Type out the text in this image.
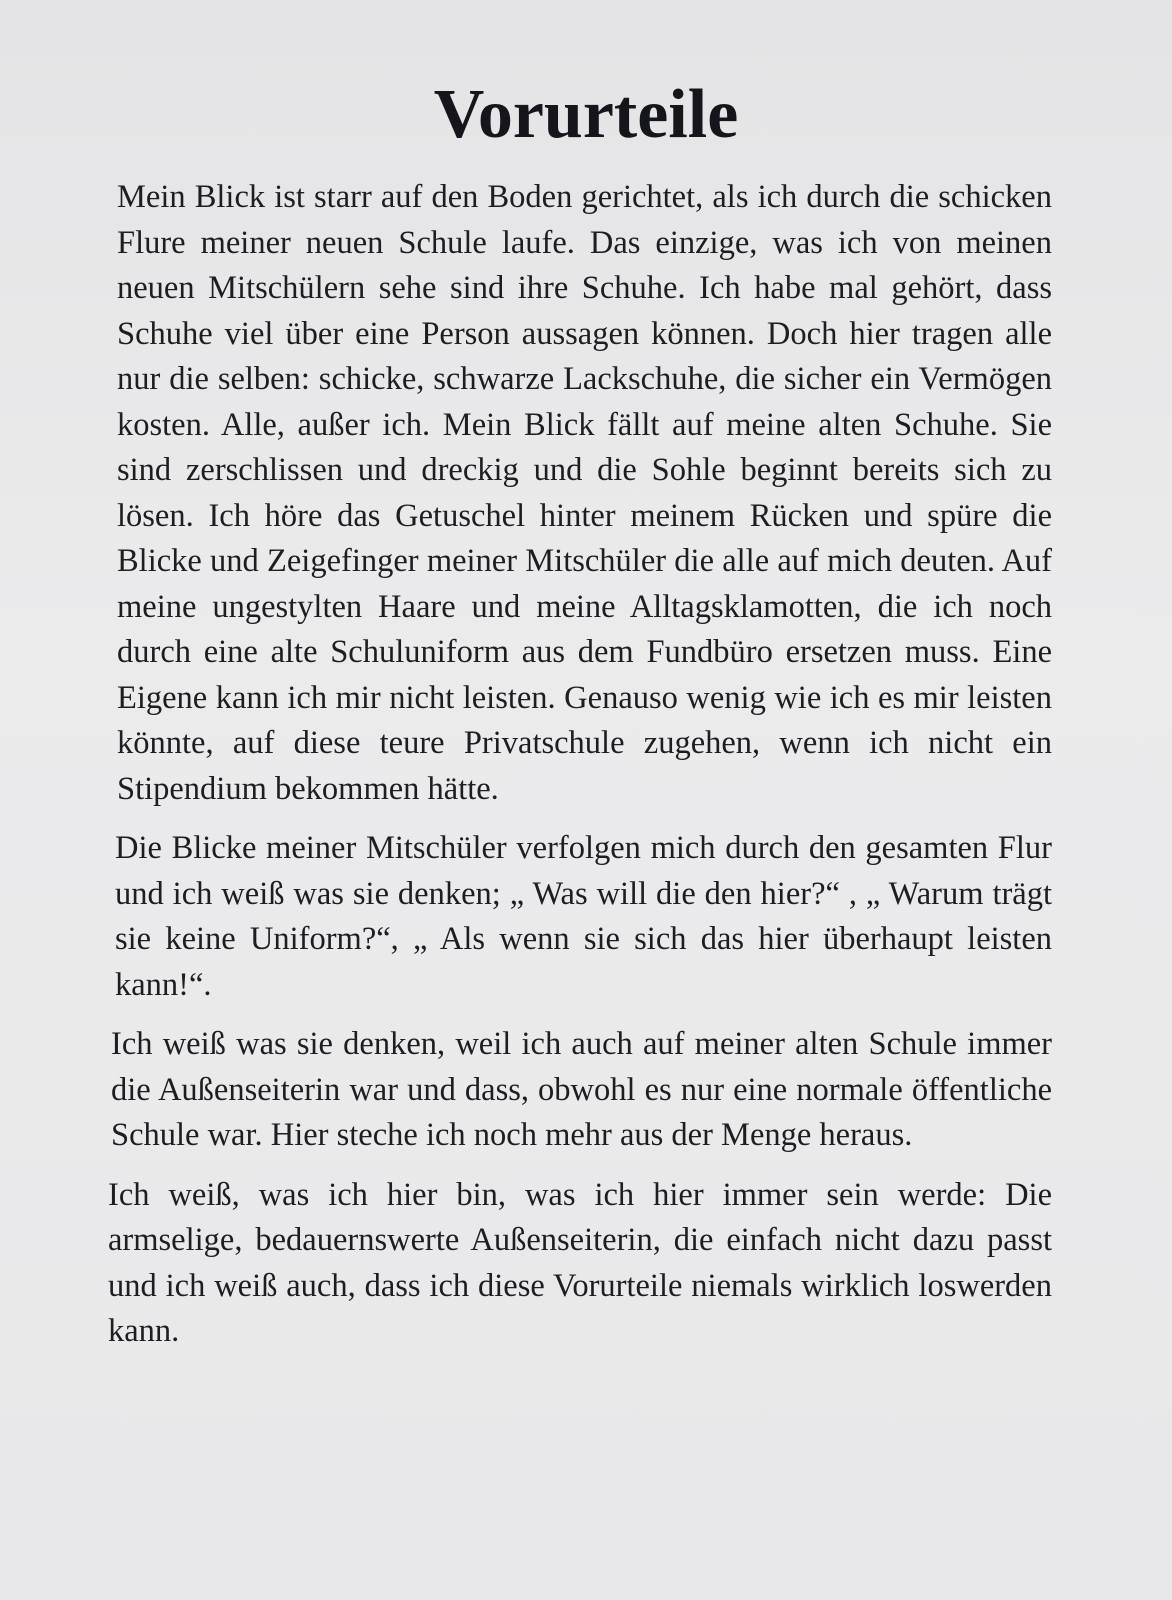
Vorurteile

Mein Blick ist starr auf den Boden gerichtet, als ich durch die schicken Flure meiner neuen Schule laufe. Das einzige, was ich von meinen neuen Mitschülern sehe sind ihre Schuhe. Ich habe mal gehört, dass Schuhe viel über eine Person aussagen können. Doch hier tragen alle nur die selben: schicke, schwarze Lackschuhe, die sicher ein Vermögen kosten. Alle, außer ich. Mein Blick fällt auf meine alten Schuhe. Sie sind zerschlissen und dreckig und die Sohle beginnt bereits sich zu lösen. Ich höre das Getuschel hinter meinem Rücken und spüre die Blicke und Zeigefinger meiner Mitschüler die alle auf mich deuten. Auf meine ungestylten Haare und meine Alltagsklamotten, die ich noch durch eine alte Schuluniform aus dem Fundbüro ersetzen muss. Eine Eigene kann ich mir nicht leisten. Genauso wenig wie ich es mir leisten könnte, auf diese teure Privatschule zugehen, wenn ich nicht ein Stipendium bekommen hätte.

Die Blicke meiner Mitschüler verfolgen mich durch den gesamten Flur und ich weiß was sie denken; „ Was will die den hier?“ , „ Warum trägt sie keine Uniform?“, „ Als wenn sie sich das hier überhaupt leisten kann!“.

Ich weiß was sie denken, weil ich auch auf meiner alten Schule immer die Außenseiterin war und dass, obwohl es nur eine normale öffentliche Schule war. Hier steche ich noch mehr aus der Menge heraus.

Ich weiß, was ich hier bin, was ich hier immer sein werde: Die armselige, bedauernswerte Außenseiterin, die einfach nicht dazu passt und ich weiß auch, dass ich diese Vorurteile niemals wirklich loswerden kann.
